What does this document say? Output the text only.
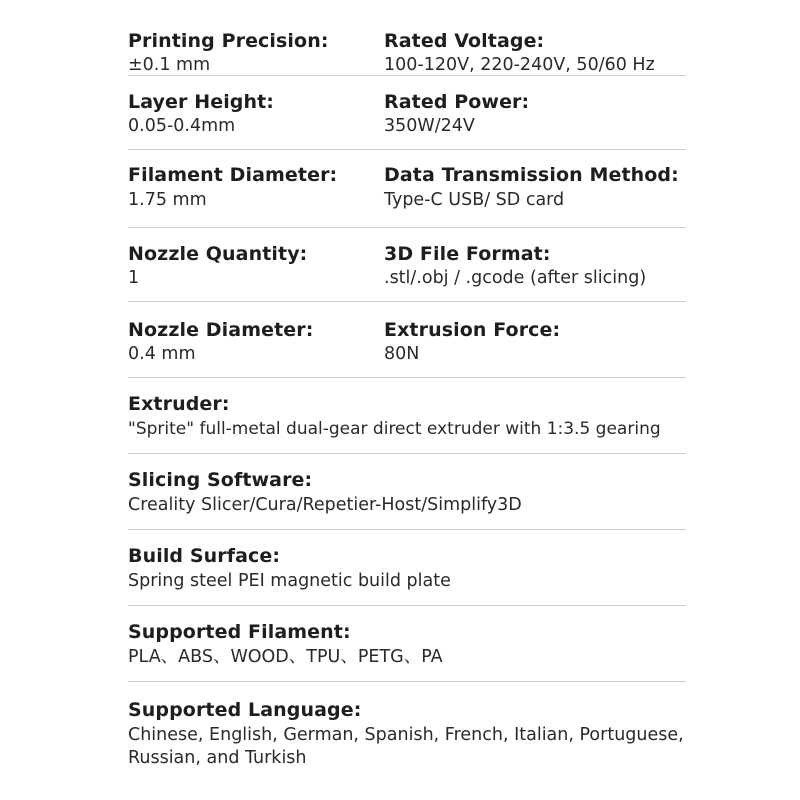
Printing Precision:
±0.1 mm
Rated Voltage:
100-120V, 220-240V, 50/60 Hz
Layer Height:
0.05-0.4mm
Rated Power:
350W/24V
Filament Diameter:
1.75 mm
Data Transmission Method:
Type-C USB/ SD card
Nozzle Quantity:
1
3D File Format:
.stl/.obj / .gcode (after slicing)
Nozzle Diameter:
0.4 mm
Extrusion Force:
80N
Extruder:
"Sprite" full-metal dual-gear direct extruder with 1:3.5 gearing
Slicing Software:
Creality Slicer/Cura/Repetier-Host/Simplify3D
Build Surface:
Spring steel PEI magnetic build plate
Supported Filament:
PLA、ABS、WOOD、TPU、PETG、PA
Supported Language:
Chinese, English, German, Spanish, French, Italian, Portuguese, Russian, and Turkish
